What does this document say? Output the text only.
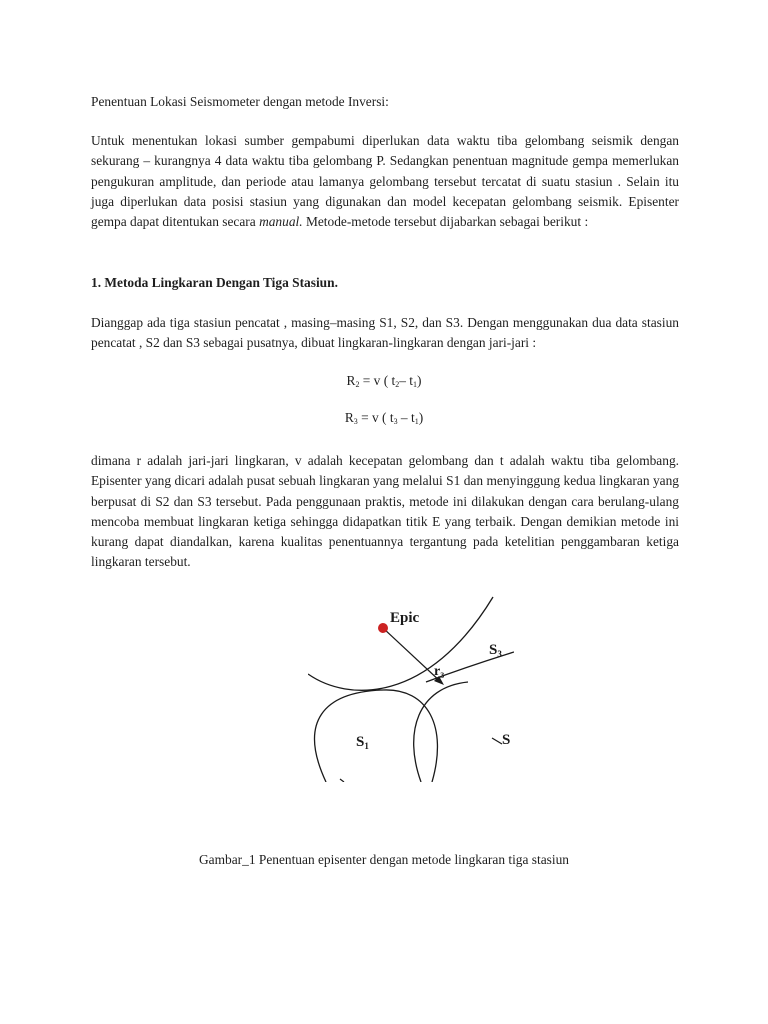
Penentuan Lokasi Seismometer dengan metode Inversi:

Untuk menentukan lokasi sumber gempabumi diperlukan data waktu tiba gelombang seismik dengan sekurang – kurangnya 4 data waktu tiba gelombang P. Sedangkan penentuan magnitude gempa memerlukan pengukuran amplitude, dan periode atau lamanya gelombang tersebut tercatat di suatu stasiun . Selain itu juga diperlukan data posisi stasiun yang digunakan dan model kecepatan gelombang seismik. Episenter gempa dapat ditentukan secara manual. Metode-metode tersebut dijabarkan sebagai berikut :

1. Metoda Lingkaran Dengan Tiga Stasiun.

Dianggap ada tiga stasiun pencatat , masing–masing S1, S2, dan S3. Dengan menggunakan dua data stasiun pencatat , S2 dan S3 sebagai pusatnya, dibuat lingkaran-lingkaran dengan jari-jari :

$R_2 = v$ ( $t_2-$ $t_1$)

$R_3 = v$ ( $t_3 - t_1$)

dimana r adalah jari-jari lingkaran, v adalah kecepatan gelombang dan t adalah waktu tiba gelombang. Episenter yang dicari adalah pusat sebuah lingkaran yang melalui S1 dan menyinggung kedua lingkaran yang berpusat di S2 dan S3 tersebut. Pada penggunaan praktis, metode ini dilakukan dengan cara berulang-ulang mencoba membuat lingkaran ketiga sehingga didapatkan titik E yang terbaik. Dengan demikian metode ini kurang dapat diandalkan, karena kualitas penentuannya tergantung pada ketelitian penggambaran ketiga lingkaran tersebut.

Epic
$S_3$
$r_3$
$S_1$	S

Gambar_1 Penentuan episenter dengan metode lingkaran tiga stasiun
